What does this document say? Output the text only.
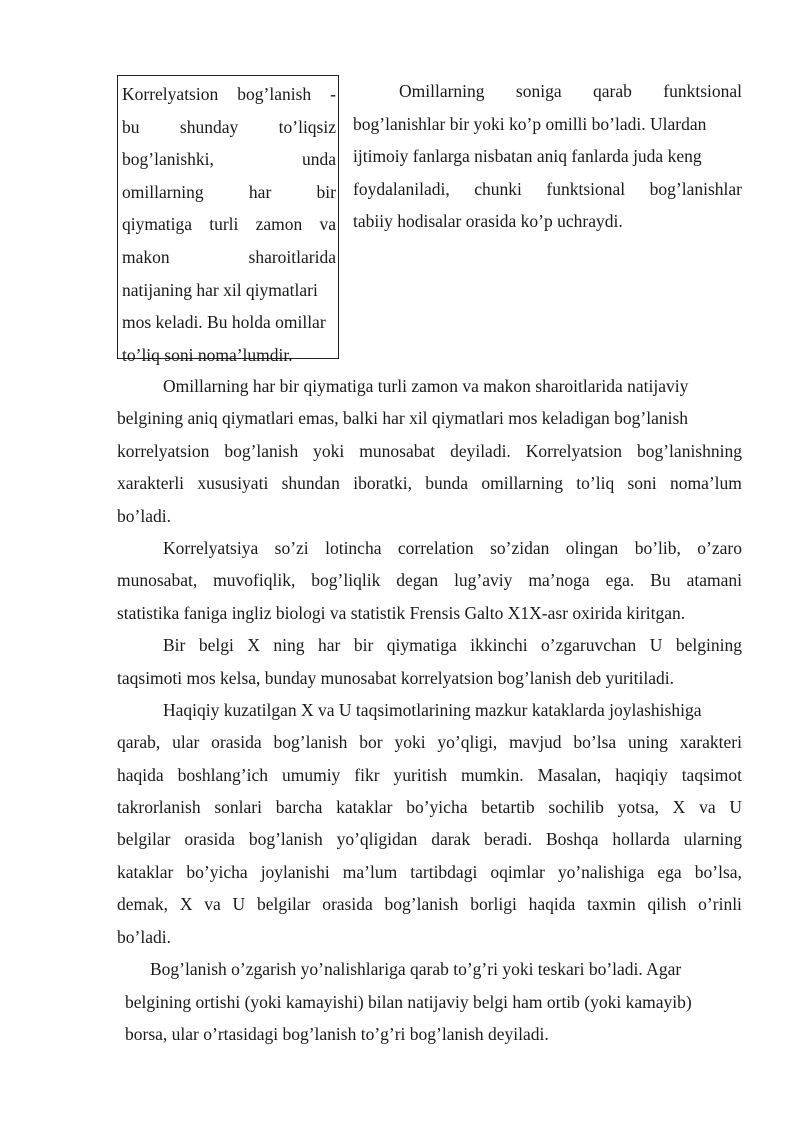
Korrelyatsion bog’lanish -
bu shunday to’liqsiz
bog’lanishki,	unda
omillarning	har	bir
qiymatiga turli zamon va
makon	sharoitlarida
natijaning har xil qiymatlari
mos keladi. Bu holda omillar
to’liq soni noma’lumdir.
Omillarning soniga qarab funktsional
bog’lanishlar bir yoki ko’p omilli bo’ladi. Ulardan
ijtimoiy fanlarga nisbatan aniq fanlarda juda keng
foydalaniladi, chunki funktsional bog’lanishlar
tabiiy hodisalar orasida ko’p uchraydi.
Omillarning har bir qiymatiga turli zamon va makon sharoitlarida natijaviy
belgining aniq qiymatlari emas, balki har xil qiymatlari mos keladigan bog’lanish
korrelyatsion bog’lanish yoki munosabat deyiladi. Korrelyatsion bog’lanishning
xarakterli xususiyati shundan iboratki, bunda omillarning to’liq soni noma’lum
bo’ladi.
Korrelyatsiya so’zi lotincha correlation so’zidan olingan bo’lib, o’zaro
munosabat, muvofiqlik, bog’liqlik degan lug’aviy ma’noga ega. Bu atamani
statistika faniga ingliz biologi va statistik Frensis Galto X1X-asr oxirida kiritgan.
Bir belgi X ning har bir qiymatiga ikkinchi o’zgaruvchan U belgining
taqsimoti mos kelsa, bunday munosabat korrelyatsion bog’lanish deb yuritiladi.
Haqiqiy kuzatilgan X va U taqsimotlarining mazkur kataklarda joylashishiga
qarab, ular orasida bog’lanish bor yoki yo’qligi, mavjud bo’lsa uning xarakteri
haqida boshlang’ich umumiy fikr yuritish mumkin. Masalan, haqiqiy taqsimot
takrorlanish sonlari barcha kataklar bo’yicha betartib sochilib yotsa, X va U
belgilar orasida bog’lanish yo’qligidan darak beradi. Boshqa hollarda ularning
kataklar bo’yicha joylanishi ma’lum tartibdagi oqimlar yo’nalishiga ega bo’lsa,
demak, X va U belgilar orasida bog’lanish borligi haqida taxmin qilish o’rinli
bo’ladi.
Bog’lanish o’zgarish yo’nalishlariga qarab to’g’ri yoki teskari bo’ladi. Agar
belgining ortishi (yoki kamayishi) bilan natijaviy belgi ham ortib (yoki kamayib)
borsa, ular o’rtasidagi bog’lanish to’g’ri bog’lanish deyiladi.
